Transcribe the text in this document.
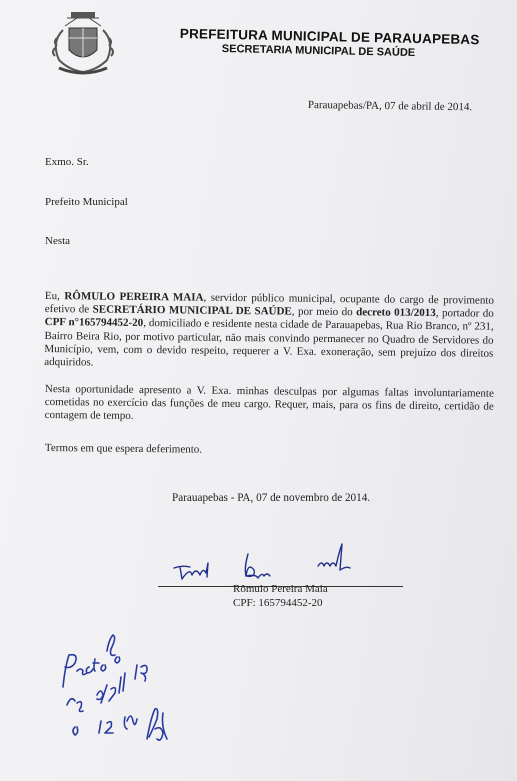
PREFEITURA MUNICIPAL DE PARAUAPEBAS
SECRETARIA MUNICIPAL DE SAÚDE
Parauapebas/PA, 07 de abril de 2014.
Exmo. Sr.
Prefeito Municipal
Nesta
Eu, RÔMULO PEREIRA MAIA, servidor público municipal, ocupante do cargo de provimento efetivo de SECRETÁRIO MUNICIPAL DE SAÚDE, por meio do decreto 013/2013, portador do CPF n°165794452-20, domiciliado e residente nesta cidade de Parauapebas, Rua Rio Branco, nº 231, Bairro Beira Rio, por motivo particular, não mais convindo permanecer no Quadro de Servidores do Município, vem, com o devido respeito, requerer a V. Exa. exoneração, sem prejuízo dos direitos adquiridos.
Nesta oportunidade apresento a V. Exa. minhas desculpas por algumas faltas involuntariamente cometidas no exercício das funções de meu cargo. Requer, mais, para os fins de direito, certidão de contagem de tempo.
Termos em que espera deferimento.
Parauapebas - PA, 07 de novembro de 2014.
Rômulo Pereira Maia
CPF: 165794452-20
